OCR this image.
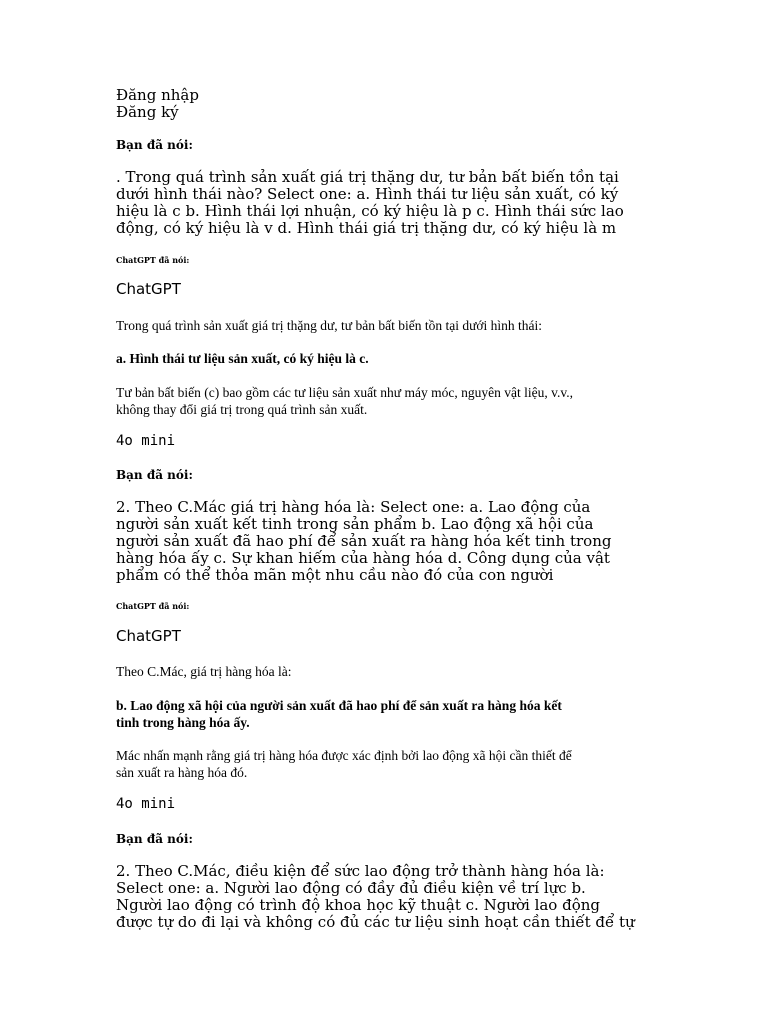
Đăng nhập
Đăng ký
Bạn đã nói:
. Trong quá trình sản xuất giá trị thặng dư, tư bản bất biến tồn tại
dưới hình thái nào? Select one: a. Hình thái tư liệu sản xuất, có ký
hiệu là c b. Hình thái lợi nhuận, có ký hiệu là p c. Hình thái sức lao
động, có ký hiệu là v d. Hình thái giá trị thặng dư, có ký hiệu là m
ChatGPT đã nói:
ChatGPT
Trong quá trình sản xuất giá trị thặng dư, tư bản bất biến tồn tại dưới hình thái:
a. Hình thái tư liệu sản xuất, có ký hiệu là c.
Tư bản bất biến (c) bao gồm các tư liệu sản xuất như máy móc, nguyên vật liệu, v.v.,
không thay đổi giá trị trong quá trình sản xuất.
4o mini
Bạn đã nói:
2. Theo C.Mác giá trị hàng hóa là: Select one: a. Lao động của
người sản xuất kết tinh trong sản phẩm b. Lao động xã hội của
người sản xuất đã hao phí để sản xuất ra hàng hóa kết tinh trong
hàng hóa ấy c. Sự khan hiếm của hàng hóa d. Công dụng của vật
phẩm có thể thỏa mãn một nhu cầu nào đó của con người
ChatGPT đã nói:
ChatGPT
Theo C.Mác, giá trị hàng hóa là:
b. Lao động xã hội của người sản xuất đã hao phí để sản xuất ra hàng hóa kết
tinh trong hàng hóa ấy.
Mác nhấn mạnh rằng giá trị hàng hóa được xác định bởi lao động xã hội cần thiết để
sản xuất ra hàng hóa đó.
4o mini
Bạn đã nói:
2. Theo C.Mác, điều kiện để sức lao động trở thành hàng hóa là:
Select one: a. Người lao động có đầy đủ điều kiện về trí lực b.
Người lao động có trình độ khoa học kỹ thuật c. Người lao động
được tự do đi lại và không có đủ các tư liệu sinh hoạt cần thiết để tự
